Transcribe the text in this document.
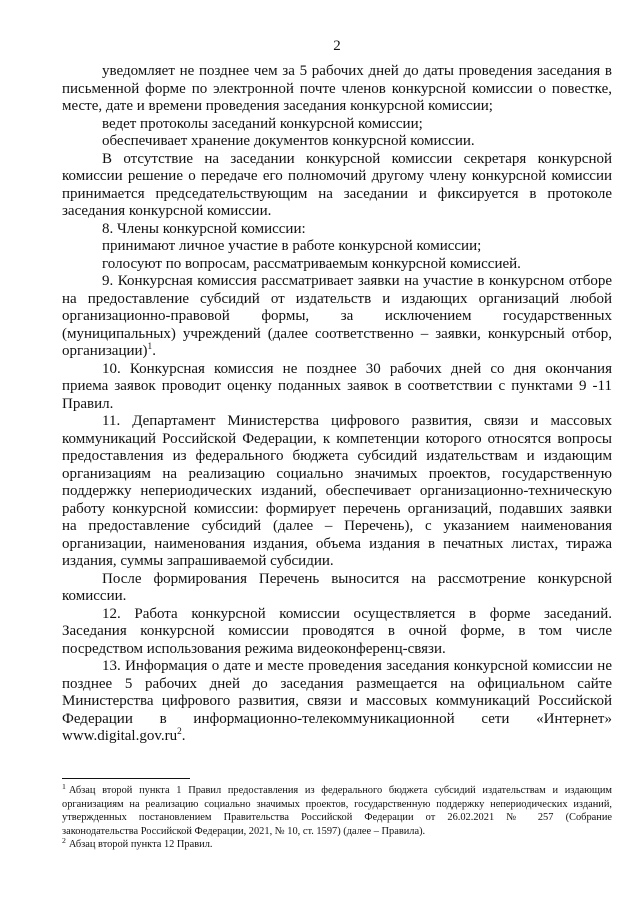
2
уведомляет не позднее чем за 5 рабочих дней до даты проведения заседания в
письменной форме по электронной почте членов конкурсной комиссии о повестке,
месте, дате и времени проведения заседания конкурсной комиссии;
ведет протоколы заседаний конкурсной комиссии;
обеспечивает хранение документов конкурсной комиссии.
В отсутствие на заседании конкурсной комиссии секретаря конкурсной
комиссии решение о передаче его полномочий другому члену конкурсной комиссии
принимается председательствующим на заседании и фиксируется в протоколе
заседания конкурсной комиссии.
8. Члены конкурсной комиссии:
принимают личное участие в работе конкурсной комиссии;
голосуют по вопросам, рассматриваемым конкурсной комиссией.
9. Конкурсная комиссия рассматривает заявки на участие в конкурсном отборе
на предоставление субсидий от издательств и издающих организаций любой
организационно-правовой формы, за исключением государственных
(муниципальных) учреждений (далее соответственно – заявки, конкурсный отбор,
организации)$^1$.
10. Конкурсная комиссия не позднее 30 рабочих дней со дня окончания
приема заявок проводит оценку поданных заявок в соответствии с пунктами 9 -11
Правил.
11. Департамент Министерства цифрового развития, связи и массовых
коммуникаций Российской Федерации, к компетенции которого относятся вопросы
предоставления из федерального бюджета субсидий издательствам и издающим
организациям на реализацию социально значимых проектов, государственную
поддержку непериодических изданий, обеспечивает организационно-техническую
работу конкурсной комиссии: формирует перечень организаций, подавших заявки
на предоставление субсидий (далее – Перечень), с указанием наименования
организации, наименования издания, объема издания в печатных листах, тиража
издания, суммы запрашиваемой субсидии.
После формирования Перечень выносится на рассмотрение конкурсной
комиссии.
12. Работа конкурсной комиссии осуществляется в форме заседаний.
Заседания конкурсной комиссии проводятся в очной форме, в том числе
посредством использования режима видеоконференц-связи.
13. Информация о дате и месте проведения заседания конкурсной комиссии не
позднее 5 рабочих дней до заседания размещается на официальном сайте
Министерства цифрового развития, связи и массовых коммуникаций Российской
Федерации в информационно-телекоммуникационной сети «Интернет»
www.digital.gov.ru$^2$.
$^1$ Абзац второй пункта 1 Правил предоставления из федерального бюджета субсидий издательствам и издающим
организациям на реализацию социально значимых проектов, государственную поддержку непериодических изданий,
утвержденных постановлением Правительства Российской Федерации от 26.02.2021 № 257 (Собрание
законодательства Российской Федерации, 2021, № 10, ст. 1597) (далее – Правила).
$^2$ Абзац второй пункта 12 Правил.
